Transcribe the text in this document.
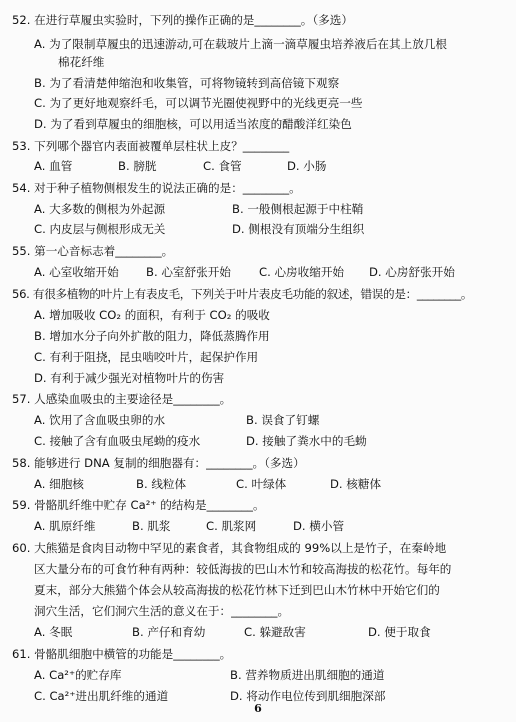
52. 在进行草履虫实验时，下列的操作正确的是________。（多选）
A. 为了限制草履虫的迅速游动,可在载玻片上滴一滴草履虫培养液后在其上放几根
棉花纤维
B. 为了看清楚伸缩泡和收集管，可将物镜转到高倍镜下观察
C. 为了更好地观察纤毛，可以调节光圈使视野中的光线更亮一些
D. 为了看到草履虫的细胞核，可以用适当浓度的醋酸洋红染色
53. 下列哪个器官内表面被覆单层柱状上皮？________
A. 血管	B. 膀胱	C. 食管	D. 小肠
54. 对于种子植物侧根发生的说法正确的是：________。
A. 大多数的侧根为外起源	B. 一般侧根起源于中柱鞘
C. 内皮层与侧根形成无关	D. 侧根没有顶端分生组织
55. 第一心音标志着________。
A. 心室收缩开始 B. 心室舒张开始 C. 心房收缩开始 D. 心房舒张开始
56. 有很多植物的叶片上有表皮毛，下列关于叶片表皮毛功能的叙述，错误的是：________。
A. 增加吸收 CO₂ 的面积，有利于 CO₂ 的吸收
B. 增加水分子向外扩散的阻力，降低蒸腾作用
C. 有利于阻挠，昆虫啮咬叶片，起保护作用
D. 有利于减少强光对植物叶片的伤害
57. 人感染血吸虫的主要途径是________。
A. 饮用了含血吸虫卵的水	B. 误食了钉螺
C. 接触了含有血吸虫尾蚴的疫水	D. 接触了粪水中的毛蚴
58. 能够进行 DNA 复制的细胞器有：________。（多选）
A. 细胞核	B. 线粒体	C. 叶绿体	D. 核糖体
59. 骨骼肌纤维中贮存 Ca²⁺ 的结构是________。
A. 肌原纤维	B. 肌浆	C. 肌浆网	D. 横小管
60. 大熊猫是食肉目动物中罕见的素食者，其食物组成的 99%以上是竹子，在秦岭地
区大量分布的可食竹种有两种：较低海拔的巴山木竹和较高海拔的松花竹。每年的
夏末，部分大熊猫个体会从较高海拔的松花竹林下迁到巴山木竹林中开始它们的
洞穴生活，它们洞穴生活的意义在于：________。
A. 冬眠	B. 产仔和育幼	C. 躲避敌害	D. 便于取食
61. 骨骼肌细胞中横管的功能是________。
A. Ca²⁺的贮存库	B. 营养物质进出肌细胞的通道
C. Ca²⁺进出肌纤维的通道	D. 将动作电位传到肌细胞深部
6
